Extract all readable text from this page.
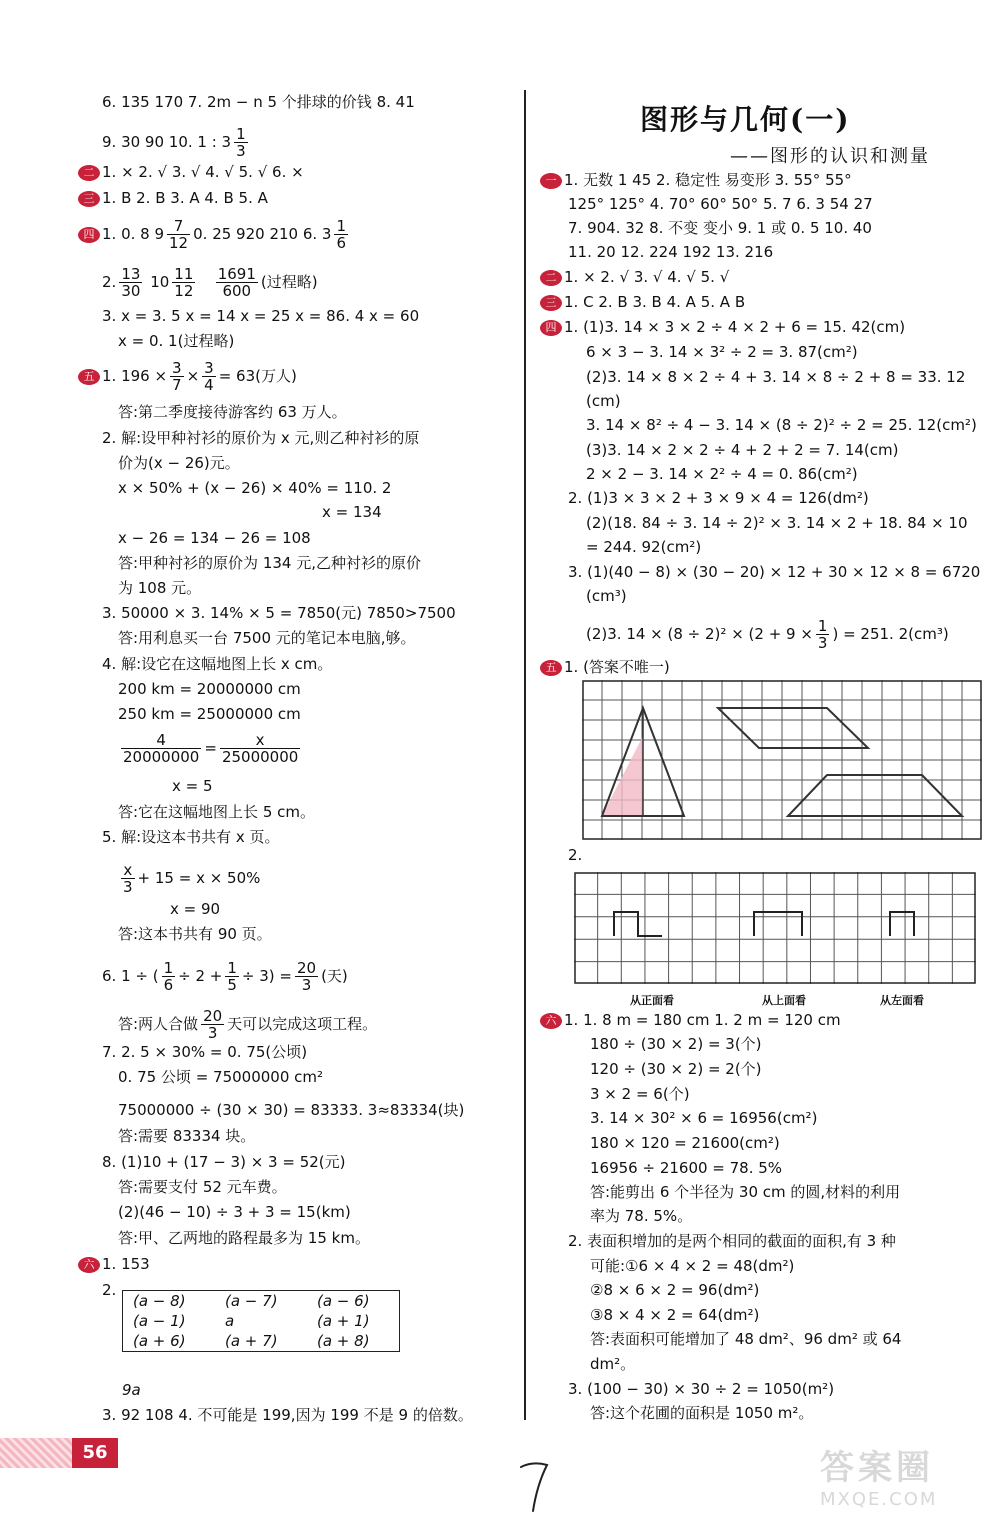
6. 135 170 7. 2m − n 5 个排球的价钱 8. 41
9. 30 90 10. 1 : $3 \frac{1}{3}$
二 1. × 2. √ 3. √ 4. √ 5. √ 6. ×
三 1. B 2. B 3. A 4. B 5. A
四 1. 0. 8 $9 \frac{7}{12} 0$. 25 920 210 6. $3 \frac{1}{6}$
2. $\frac{13}{30} 10 \frac{11}{12}$
$\frac{1691}{600}$ (过程略)
3. x = 3. 5 x = 14 x = 25 x = 86. 4 x = 60
x = 0. 1(过程略)
五 1. $196 \times \frac{3}{7} \times \frac{3}{4} = 63$(万人)
答:第二季度接待游客约 63 万人。
2. 解:设甲种衬衫的原价为 x 元,则乙种衬衫的原
价为(x − 26)元。
x × 50% + (x − 26) × 40% = 110. 2
x = 134
x − 26 = 134 − 26 = 108
答:甲种衬衫的原价为 134 元,乙种衬衫的原价
为 108 元。
3. 50000 × 3. 14% × 5 = 7850(元) 7850>7500
答:用利息买一台 7500 元的笔记本电脑,够。
4. 解:设它在这幅地图上长 x cm。
200 km = 20000000 cm
250 km = 25000000 cm
$\frac{4}{20000000} = \frac{x}{25000000}$
x = 5
答:它在这幅地图上长 5 cm。
5. 解:设这本书共有 x 页。
$\frac{x}{3} + 15 = x \times 50\%$
x = 90
答:这本书共有 90 页。
6. 1 ÷ ( $\frac{1}{6} \div 2 + \frac{1}{5} \div 3) = \frac{20}{3}$ (天)
答:两人合做 $\frac{20}{3}$ 天可以完成这项工程。
7. 2. 5 × 30% = 0. 75(公顷)
0. 75 公顷 = 75000000 cm²
75000000 ÷ (30 × 30) = 83333. 3≈83334(块)
答:需要 83334 块。
8. (1)10 + (17 − 3) × 3 = 52(元)
答:需要支付 52 元车费。
(2)(46 − 10) ÷ 3 + 3 = 15(km)
答:甲、乙两地的路程最多为 15 km。
六 1. 153
2.
(a − 8)	(a − 7)	(a − 6)
(a − 1)	a	(a + 1)
(a + 6)	(a + 7)	(a + 8)
9a
3. 92 108 4. 不可能是 199,因为 199 不是 9 的倍数。
图形与几何(一)
——图形的认识和测量
一 1. 无数 1 45 2. 稳定性 易变形 3. 55° 55°
125° 125° 4. 70° 60° 50° 5. 7 6. 3 54 27
7. 904. 32 8. 不变 变小 9. 1 或 0. 5 10. 40
11. 20 12. 224 192 13. 216
二 1. × 2. √ 3. √ 4. √ 5. √
三 1. C 2. B 3. B 4. A 5. A B
四 1. (1)3. 14 × 3 × 2 ÷ 4 × 2 + 6 = 15. 42(cm)
6 × 3 − 3. 14 × 3² ÷ 2 = 3. 87(cm²)
(2)3. 14 × 8 × 2 ÷ 4 + 3. 14 × 8 ÷ 2 + 8 = 33. 12
(cm)
3. 14 × 8² ÷ 4 − 3. 14 × (8 ÷ 2)² ÷ 2 = 25. 12(cm²)
(3)3. 14 × 2 × 2 ÷ 4 + 2 + 2 = 7. 14(cm)
2 × 2 − 3. 14 × 2² ÷ 4 = 0. 86(cm²)
2. (1)3 × 3 × 2 + 3 × 9 × 4 = 126(dm²)
(2)(18. 84 ÷ 3. 14 ÷ 2)² × 3. 14 × 2 + 18. 84 × 10
= 244. 92(cm²)
3. (1)(40 − 8) × (30 − 20) × 12 + 30 × 12 × 8 = 6720
(cm³)
(2)3. $14 \times (8 \div 2)^2 \times (2 + 9 \times \frac{1}{3}$ ) = 251. 2(cm³)
五 1. (答案不唯一)
2.
从正面看	从上面看	从左面看
六 1. 1. 8 m = 180 cm 1. 2 m = 120 cm
180 ÷ (30 × 2) = 3(个)
120 ÷ (30 × 2) = 2(个)
3 × 2 = 6(个)
3. 14 × 30² × 6 = 16956(cm²)
180 × 120 = 21600(cm²)
16956 ÷ 21600 = 78. 5%
答:能剪出 6 个半径为 30 cm 的圆,材料的利用
率为 78. 5%。
2. 表面积增加的是两个相同的截面的面积,有 3 种
可能:①6 × 4 × 2 = 48(dm²)
②8 × 6 × 2 = 96(dm²)
③8 × 4 × 2 = 64(dm²)
答:表面积可能增加了 48 dm²、96 dm² 或 64
dm²。
3. (100 − 30) × 30 ÷ 2 = 1050(m²)
答:这个花圃的面积是 1050 m²。
56	答案圈
MXQE.COM
